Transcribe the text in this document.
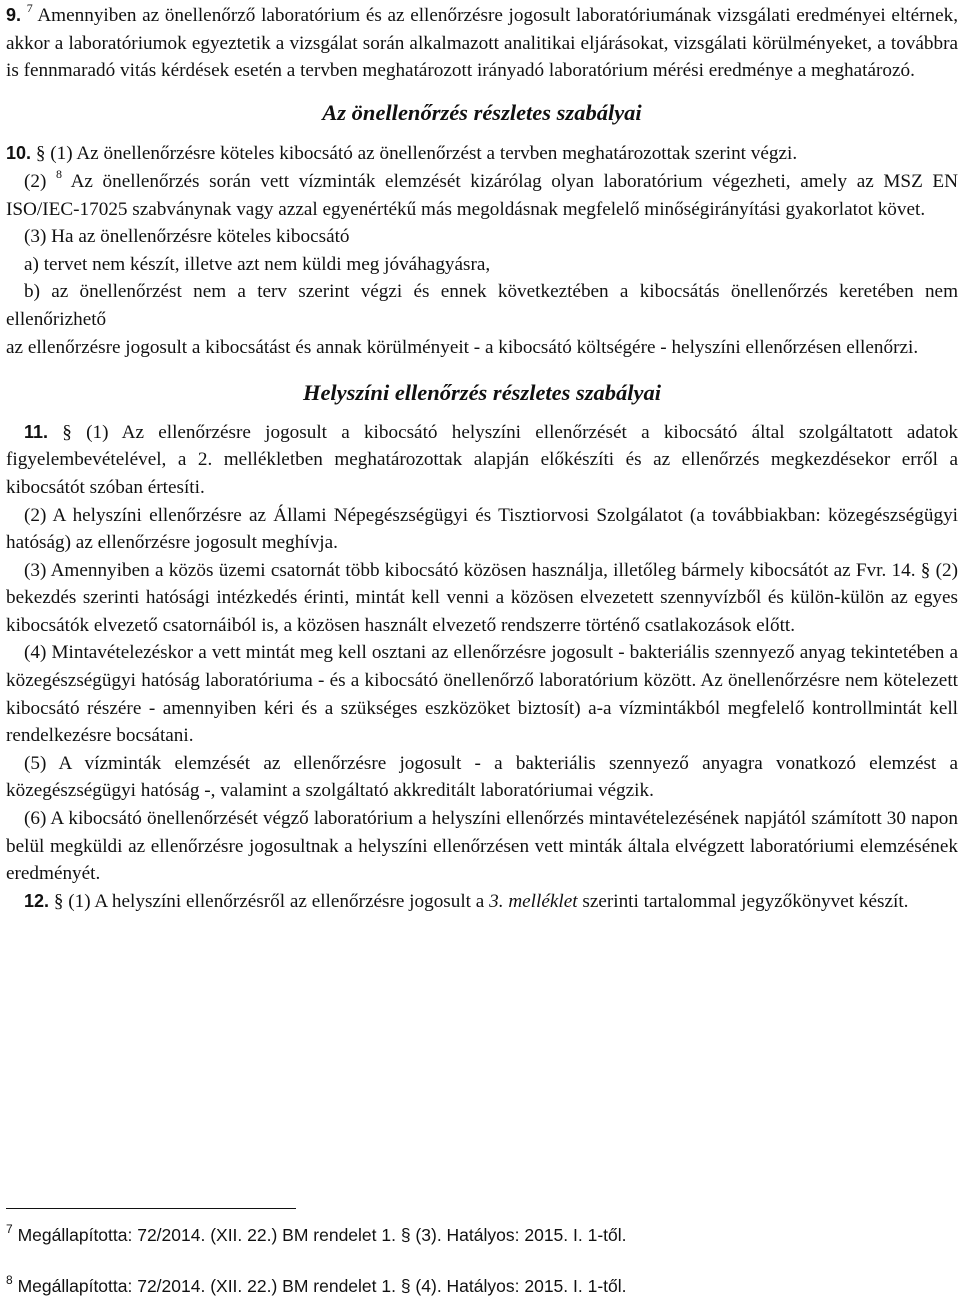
9. $^7$ Amennyiben az önellenőrző laboratórium és az ellenőrzésre jogosult laboratóriumának vizsgálati eredményei eltérnek, akkor a laboratóriumok egyeztetik a vizsgálat során alkalmazott analitikai eljárásokat, vizsgálati körülményeket, a továbbra is fennmaradó vitás kérdések esetén a tervben meghatározott irányadó laboratórium mérési eredménye a meghatározó.

Az önellenőrzés részletes szabályai

10. § (1) Az önellenőrzésre köteles kibocsátó az önellenőrzést a tervben meghatározottak szerint végzi.

(2) $^8$ Az önellenőrzés során vett vízminták elemzését kizárólag olyan laboratórium végezheti, amely az MSZ EN ISO/IEC-17025 szabványnak vagy azzal egyenértékű más megoldásnak megfelelő minőségirányítási gyakorlatot követ.

(3) Ha az önellenőrzésre köteles kibocsátó

a) tervet nem készít, illetve azt nem küldi meg jóváhagyásra,

b) az önellenőrzést nem a terv szerint végzi és ennek következtében a kibocsátás önellenőrzés keretében nem ellenőrizhető

az ellenőrzésre jogosult a kibocsátást és annak körülményeit - a kibocsátó költségére - helyszíni ellenőrzésen ellenőrzi.

Helyszíni ellenőrzés részletes szabályai

11. § (1) Az ellenőrzésre jogosult a kibocsátó helyszíni ellenőrzését a kibocsátó által szolgáltatott adatok figyelembevételével, a 2. mellékletben meghatározottak alapján előkészíti és az ellenőrzés megkezdésekor erről a kibocsátót szóban értesíti.

(2) A helyszíni ellenőrzésre az Állami Népegészségügyi és Tisztiorvosi Szolgálatot (a továbbiakban: közegészségügyi hatóság) az ellenőrzésre jogosult meghívja.

(3) Amennyiben a közös üzemi csatornát több kibocsátó közösen használja, illetőleg bármely kibocsátót az Fvr. 14. § (2) bekezdés szerinti hatósági intézkedés érinti, mintát kell venni a közösen elvezetett szennyvízből és külön-külön az egyes kibocsátók elvezető csatornáiból is, a közösen használt elvezető rendszerre történő csatlakozások előtt.

(4) Mintavételezéskor a vett mintát meg kell osztani az ellenőrzésre jogosult - bakteriális szennyező anyag tekintetében a közegészségügyi hatóság laboratóriuma - és a kibocsátó önellenőrző laboratórium között. Az önellenőrzésre nem kötelezett kibocsátó részére - amennyiben kéri és a szükséges eszközöket biztosít) a-a vízmintákból megfelelő kontrollmintát kell rendelkezésre bocsátani.

(5) A vízminták elemzését az ellenőrzésre jogosult - a bakteriális szennyező anyagra vonatkozó elemzést a közegészségügyi hatóság -, valamint a szolgáltató akkreditált laboratóriumai végzik.

(6) A kibocsátó önellenőrzését végző laboratórium a helyszíni ellenőrzés mintavételezésének napjától számított 30 napon belül megküldi az ellenőrzésre jogosultnak a helyszíni ellenőrzésen vett minták általa elvégzett laboratóriumi elemzésének eredményét.

12. § (1) A helyszíni ellenőrzésről az ellenőrzésre jogosult a 3. melléklet szerinti tartalommal jegyzőkönyvet készít.

$^7$ Megállapította: 72/2014. (XII. 22.) BM rendelet 1. § (3). Hatályos: 2015. I. 1-től.

$^8$ Megállapította: 72/2014. (XII. 22.) BM rendelet 1. § (4). Hatályos: 2015. I. 1-től.
